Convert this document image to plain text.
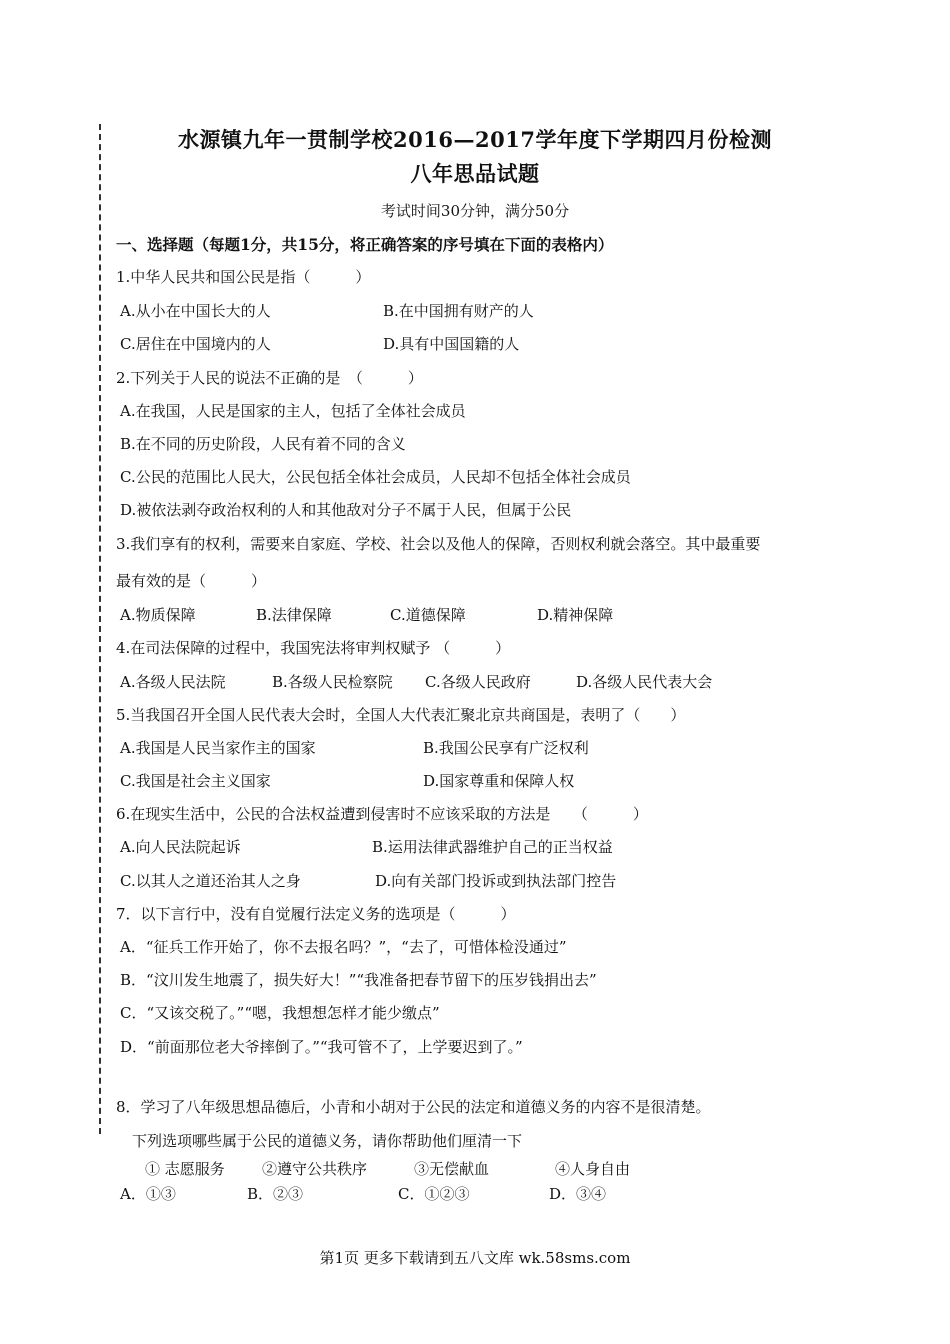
水源镇九年一贯制学校2016—2017学年度下学期四月份检测
八年思品试题
考试时间30分钟，满分50分
一、选择题（每题1分，共15分，将正确答案的序号填在下面的表格内）
1.中华人民共和国公民是指（　　　）
A.从小在中国长大的人	B.在中国拥有财产的人
C.居住在中国境内的人	D.具有中国国籍的人
2.下列关于人民的说法不正确的是　（　　　）
A.在我国，人民是国家的主人，包括了全体社会成员
B.在不同的历史阶段，人民有着不同的含义
C.公民的范围比人民大，公民包括全体社会成员，人民却不包括全体社会成员
D.被依法剥夺政治权利的人和其他敌对分子不属于人民，但属于公民
3.我们享有的权利，需要来自家庭、学校、社会以及他人的保障，否则权利就会落空。其中最重要
最有效的是（　　　）
A.物质保障	B.法律保障	C.道德保障	D.精神保障
4.在司法保障的过程中，我国宪法将审判权赋予 （　　　）
A.各级人民法院	B.各级人民检察院 C.各级人民政府	D.各级人民代表大会
5.当我国召开全国人民代表大会时，全国人大代表汇聚北京共商国是，表明了（　　）
A.我国是人民当家作主的国家	B.我国公民享有广泛权利
C.我国是社会主义国家	D.国家尊重和保障人权
6.在现实生活中，公民的合法权益遭到侵害时不应该采取的方法是　　（　　　）
A.向人民法院起诉	B.运用法律武器维护自己的正当权益
C.以其人之道还治其人之身	D.向有关部门投诉或到执法部门控告
7．以下言行中，没有自觉履行法定义务的选项是（　　　）
A．“征兵工作开始了，你不去报名吗？”，“去了，可惜体检没通过”
B．“汶川发生地震了，损失好大！”“我准备把春节留下的压岁钱捐出去”
C．“又该交税了。”“嗯，我想想怎样才能少缴点”
D．“前面那位老大爷摔倒了。”“我可管不了，上学要迟到了。”
8．学习了八年级思想品德后，小青和小胡对于公民的法定和道德义务的内容不是很清楚。
下列选项哪些属于公民的道德义务，请你帮助他们厘清一下
① 志愿服务 ②遵守公共秩序	③无偿献血	④人身自由
A．①③	B．②③	C．①②③	D．③④
第1页 更多下载请到五八文库 wk.58sms.com
